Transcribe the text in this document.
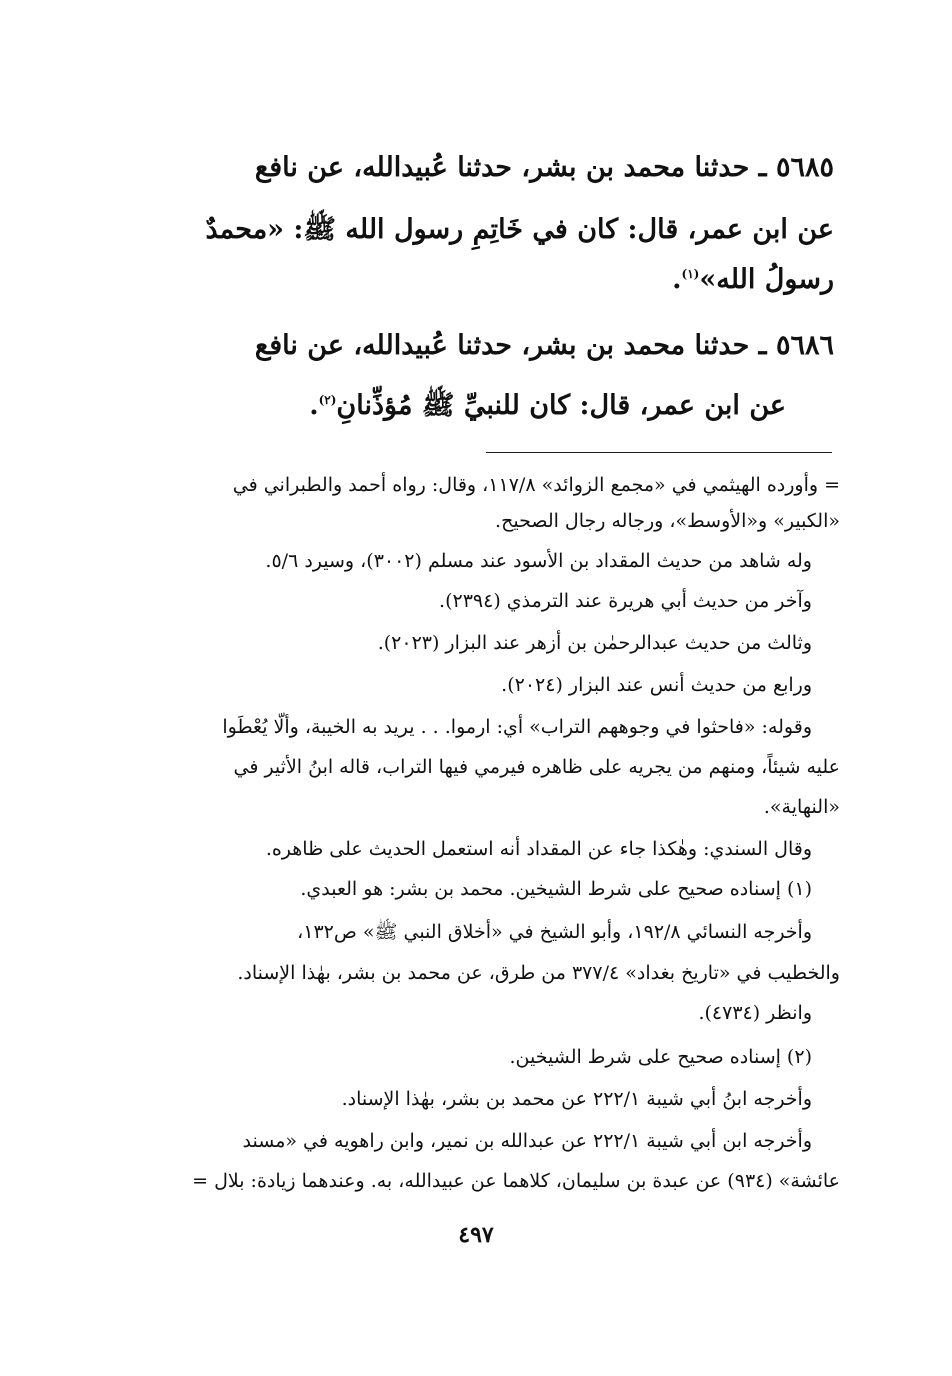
٥٦٨٥ ـ حدثنا محمد بن بشر، حدثنا عُبيدالله، عن نافع
عن ابن عمر، قال: كان في خَاتِمِ رسول الله ﷺ: «محمدٌ
رسولُ الله»$^{(١)}$.
٥٦٨٦ ـ حدثنا محمد بن بشر، حدثنا عُبيدالله، عن نافع
عن ابن عمر، قال: كان للنبيِّ ﷺ مُؤذِّنانِ$^{(٢)}$.
= وأورده الهيثمي في «مجمع الزوائد» ١١٧/٨، وقال: رواه أحمد والطبراني في
«الكبير» و«الأوسط»، ورجاله رجال الصحيح.
وله شاهد من حديث المقداد بن الأسود عند مسلم (٣٠٠٢)، وسيرد ٥/٦.
وآخر من حديث أبي هريرة عند الترمذي (٢٣٩٤).
وثالث من حديث عبدالرحمٰن بن أزهر عند البزار (٢٠٢٣).
ورابع من حديث أنس عند البزار (٢٠٢٤).
وقوله: «فاحثوا في وجوههم التراب» أي: ارموا. . . يريد به الخيبة، وألّا يُعْطَوا
عليه شيئاً، ومنهم من يجريه على ظاهره فيرمي فيها التراب، قاله ابنُ الأثير في
«النهاية».
وقال السندي: وهٰكذا جاء عن المقداد أنه استعمل الحديث على ظاهره.
(١) إسناده صحيح على شرط الشيخين. محمد بن بشر: هو العبدي.
وأخرجه النسائي ١٩٢/٨، وأبو الشيخ في «أخلاق النبي ﷺ» ص١٣٢،
والخطيب في «تاريخ بغداد» ٣٧٧/٤ من طرق، عن محمد بن بشر، بهٰذا الإسناد.
وانظر (٤٧٣٤).
(٢) إسناده صحيح على شرط الشيخين.
وأخرجه ابنُ أبي شيبة ٢٢٢/١ عن محمد بن بشر، بهٰذا الإسناد.
وأخرجه ابن أبي شيبة ٢٢٢/١ عن عبدالله بن نمير، وابن راهويه في «مسند
عائشة» (٩٣٤) عن عبدة بن سليمان، كلاهما عن عبيدالله، به. وعندهما زيادة: بلال =
٤٩٧
